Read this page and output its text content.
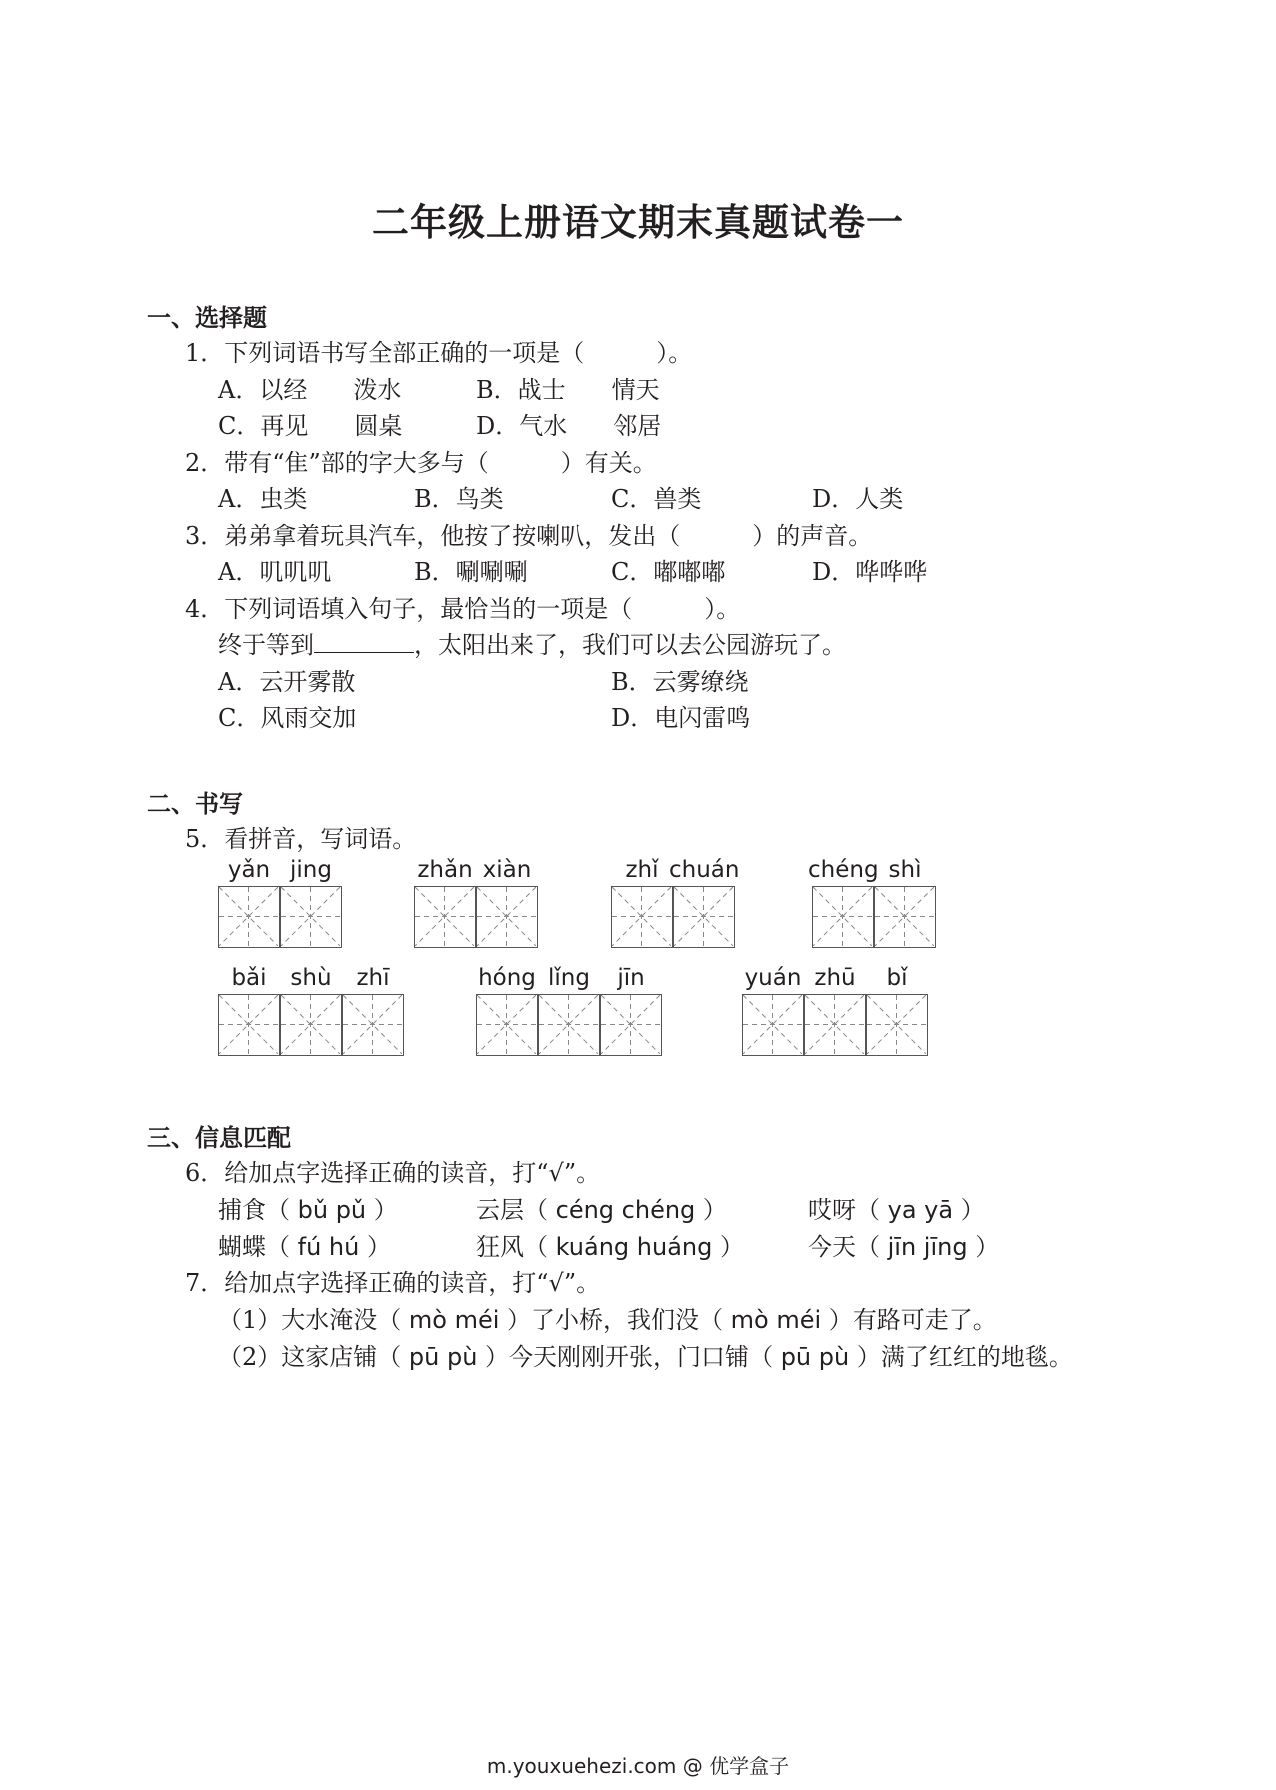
二年级上册语文期末真题试卷一
一、选择题
1．下列词语书写全部正确的一项是（　　　）。
A．以经 泼水	B．战士 情天
C．再见 圆桌	D．气水 邻居
2．带有“隹”部的字大多与（　　　）有关。
A．虫类	B．鸟类	C．兽类	D．人类
3．弟弟拿着玩具汽车，他按了按喇叭，发出（　　　）的声音。
A．叽叽叽	B．唰唰唰	C．嘟嘟嘟	D．哗哗哗
4．下列词语填入句子，最恰当的一项是（　　　）。
终于等到	，太阳出来了，我们可以去公园游玩了。
A．云开雾散	B．云雾缭绕
C．风雨交加	D．电闪雷鸣
二、书写
5．看拼音，写词语。
yǎn jing	zhǎn xiàn	zhǐ chuán	chéng shì
bǎi	shù	zhī	hóng lǐng	jīn	yuán zhū	bǐ
三、信息匹配
6．给加点字选择正确的读音，打“√”。
捕食（ bǔ pǔ ）	云层（ céng chéng ）	哎呀（ ya yā ）
蝴蝶（ fú hú ）	狂风（ kuáng huáng ）	今天（ jīn jīng ）
7．给加点字选择正确的读音，打“√”。
（1）大水淹没（ mò méi ）了小桥，我们没（ mò méi ）有路可走了。
（2）这家店铺（ pū pù ）今天刚刚开张，门口铺（ pū pù ）满了红红的地毯。
m.youxuehezi.com @ 优学盒子
